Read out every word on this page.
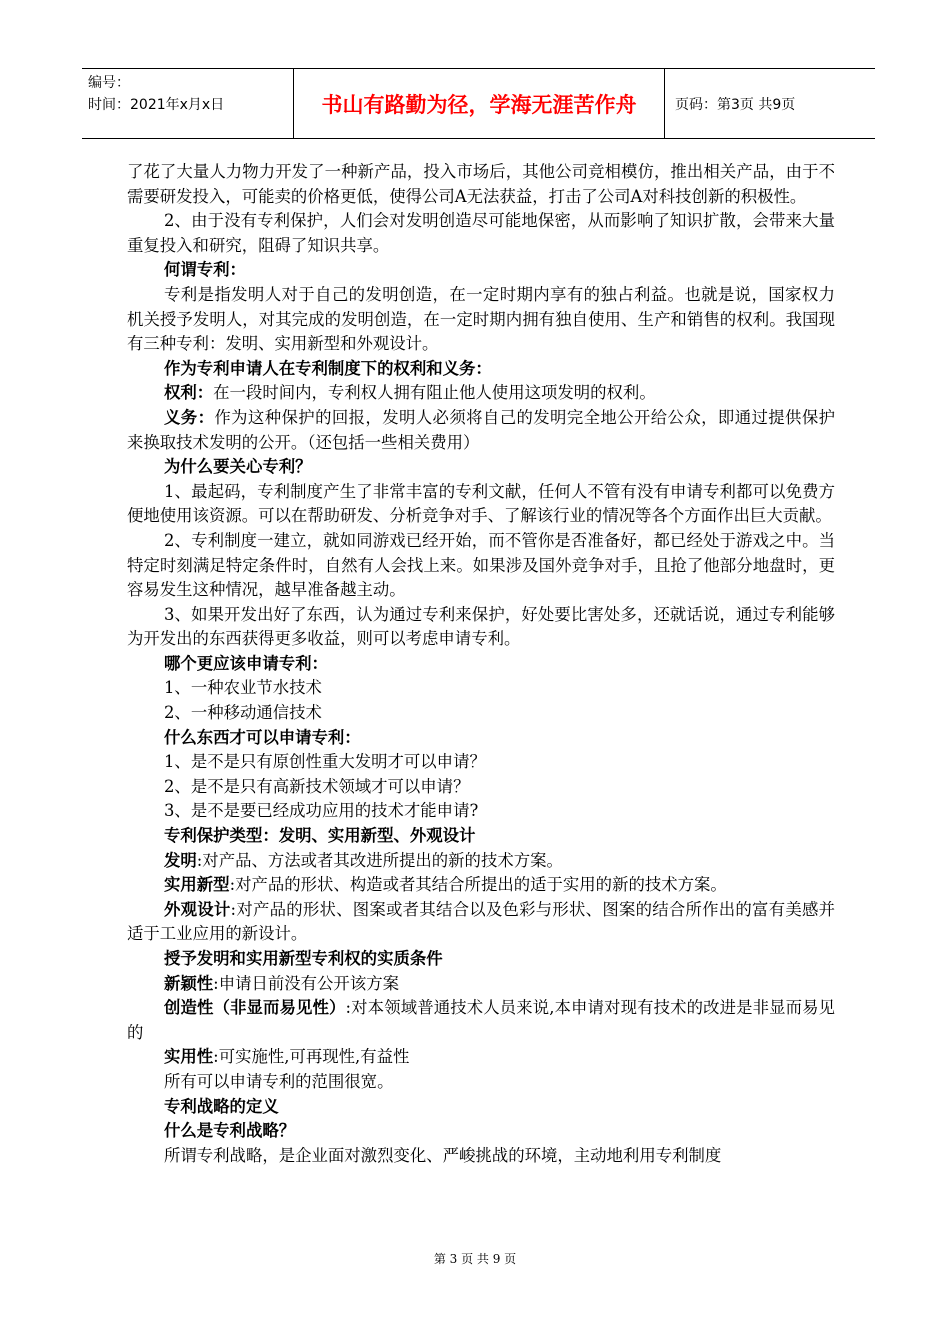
编号：
时间：2021年x月x日	书山有路勤为径，学海无涯苦作舟	页码：第3页 共9页

了花了大量人力物力开发了一种新产品，投入市场后，其他公司竞相模仿，推出相关产品，由于不需要研发投入，可能卖的价格更低，使得公司A无法获益，打击了公司A对科技创新的积极性。

2、由于没有专利保护，人们会对发明创造尽可能地保密，从而影响了知识扩散，会带来大量重复投入和研究，阻碍了知识共享。

何谓专利：

专利是指发明人对于自己的发明创造，在一定时期内享有的独占利益。也就是说，国家权力机关授予发明人，对其完成的发明创造，在一定时期内拥有独自使用、生产和销售的权利。我国现有三种专利：发明、实用新型和外观设计。

作为专利申请人在专利制度下的权利和义务：

权利：在一段时间内，专利权人拥有阻止他人使用这项发明的权利。

义务：作为这种保护的回报，发明人必须将自己的发明完全地公开给公众，即通过提供保护来换取技术发明的公开。（还包括一些相关费用）

为什么要关心专利？

1、最起码，专利制度产生了非常丰富的专利文献，任何人不管有没有申请专利都可以免费方便地使用该资源。可以在帮助研发、分析竞争对手、了解该行业的情况等各个方面作出巨大贡献。

2、专利制度一建立，就如同游戏已经开始，而不管你是否准备好，都已经处于游戏之中。当特定时刻满足特定条件时，自然有人会找上来。如果涉及国外竞争对手，且抢了他部分地盘时，更容易发生这种情况，越早准备越主动。

3、如果开发出好了东西，认为通过专利来保护，好处要比害处多，还就话说，通过专利能够为开发出的东西获得更多收益，则可以考虑申请专利。

哪个更应该申请专利：

1、一种农业节水技术

2、一种移动通信技术

什么东西才可以申请专利：

1、是不是只有原创性重大发明才可以申请？

2、是不是只有高新技术领域才可以申请？

3、是不是要已经成功应用的技术才能申请?

专利保护类型：发明、实用新型、外观设计

发明:对产品、方法或者其改进所提出的新的技术方案。

实用新型:对产品的形状、构造或者其结合所提出的适于实用的新的技术方案。

外观设计:对产品的形状、图案或者其结合以及色彩与形状、图案的结合所作出的富有美感并适于工业应用的新设计。

授予发明和实用新型专利权的实质条件

新颖性:申请日前没有公开该方案

创造性（非显而易见性）:对本领域普通技术人员来说,本申请对现有技术的改进是非显而易见的

实用性:可实施性,可再现性,有益性

所有可以申请专利的范围很宽。

专利战略的定义

什么是专利战略？

所谓专利战略，是企业面对激烈变化、严峻挑战的环境，主动地利用专利制度

第 3 页 共 9 页
